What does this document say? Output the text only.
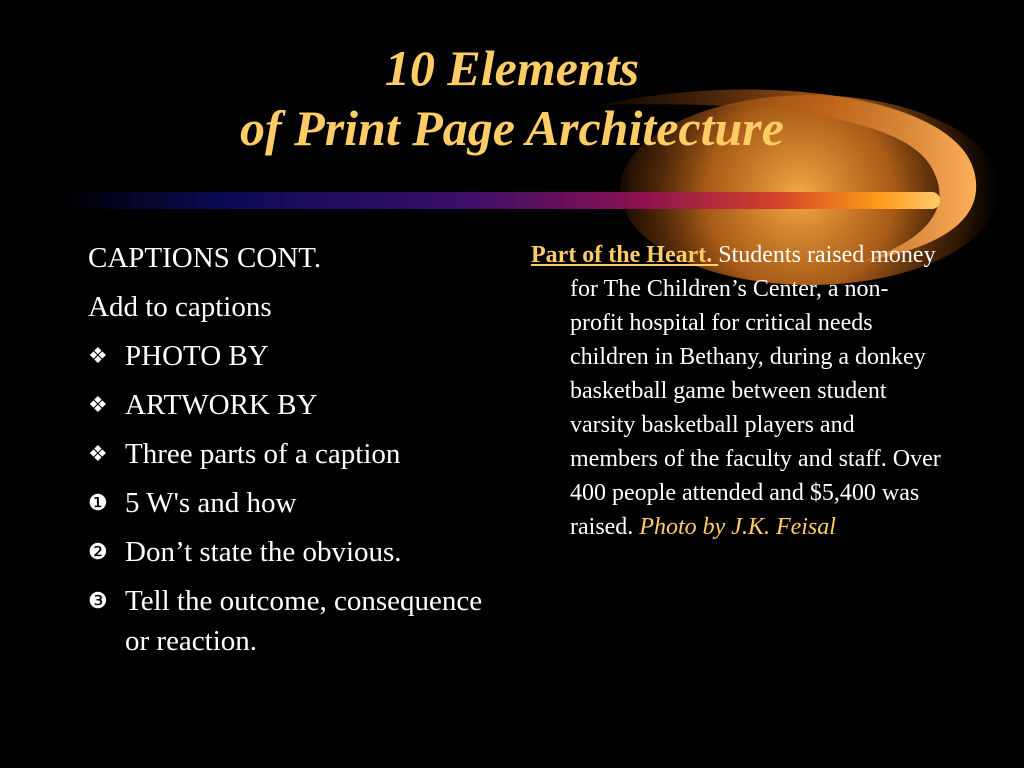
10 Elements
of Print Page Architecture
CAPTIONS CONT.
Add to captions
❖ PHOTO BY
❖ ARTWORK BY
❖ Three parts of a caption
❶ 5 W's and how
❷ Don’t state the obvious.
❸ Tell the outcome, consequence or reaction.

Part of the Heart. Students raised money for The Children’s Center, a non-profit hospital for critical needs children in Bethany, during a donkey basketball game between student varsity basketball players and members of the faculty and staff. Over 400 people attended and $5,400 was raised. Photo by J.K. Feisal
